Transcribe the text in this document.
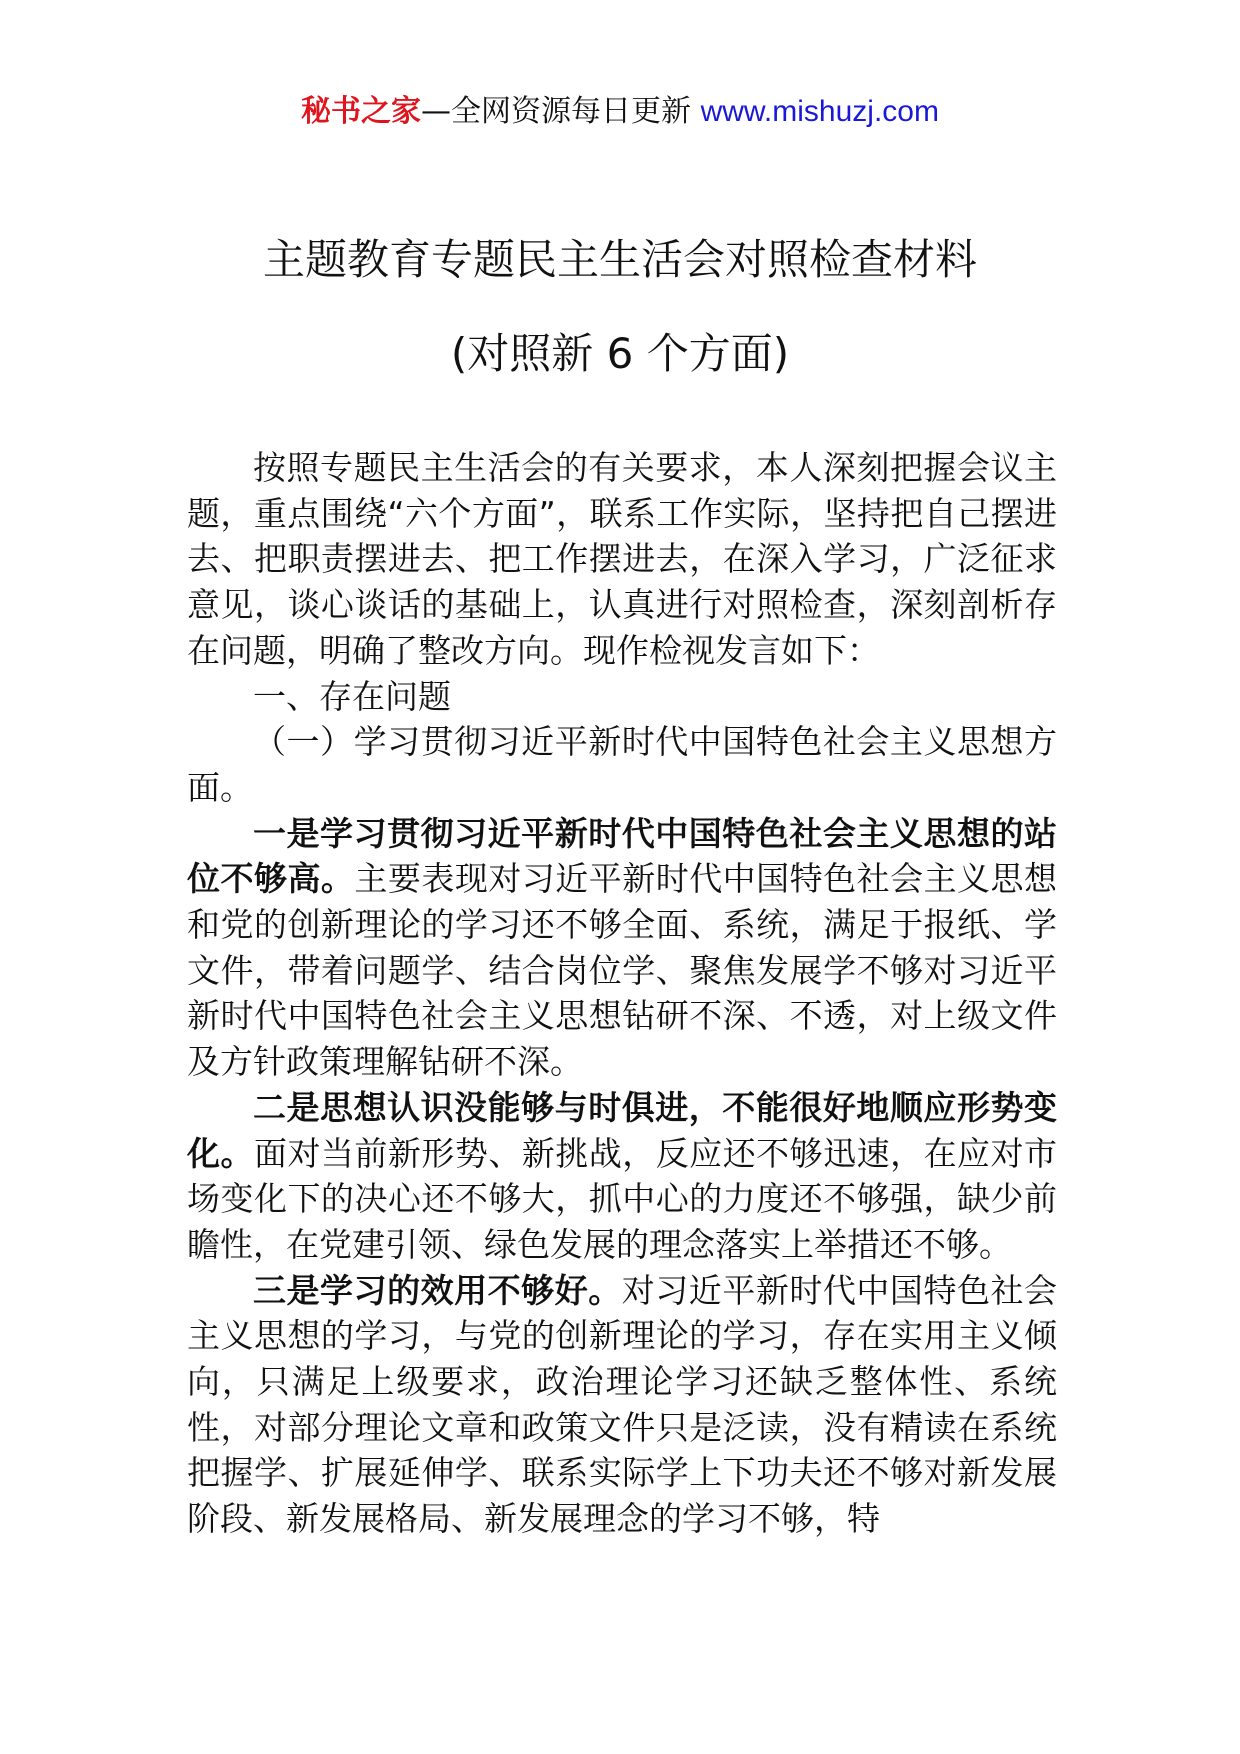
秘书之家—全网资源每日更新 www.mishuzj.com
主题教育专题民主生活会对照检查材料
(对照新 6 个方面)

按照专题民主生活会的有关要求，本人深刻把握会议主题，重点围绕“六个方面”，联系工作实际，坚持把自己摆进去、把职责摆进去、把工作摆进去，在深入学习，广泛征求意见，谈心谈话的基础上，认真进行对照检查，深刻剖析存在问题，明确了整改方向。现作检视发言如下：

一、存在问题

（一）学习贯彻习近平新时代中国特色社会主义思想方面。

一是学习贯彻习近平新时代中国特色社会主义思想的站位不够高。主要表现对习近平新时代中国特色社会主义思想和党的创新理论的学习还不够全面、系统，满足于报纸、学文件，带着问题学、结合岗位学、聚焦发展学不够对习近平新时代中国特色社会主义思想钻研不深、不透，对上级文件及方针政策理解钻研不深。

二是思想认识没能够与时俱进，不能很好地顺应形势变化。面对当前新形势、新挑战，反应还不够迅速，在应对市场变化下的决心还不够大，抓中心的力度还不够强，缺少前瞻性，在党建引领、绿色发展的理念落实上举措还不够。

三是学习的效用不够好。对习近平新时代中国特色社会主义思想的学习，与党的创新理论的学习，存在实用主义倾向，只满足上级要求，政治理论学习还缺乏整体性、系统性，对部分理论文章和政策文件只是泛读，没有精读在系统把握学、扩展延伸学、联系实际学上下功夫还不够对新发展阶段、新发展格局、新发展理念的学习不够，特
